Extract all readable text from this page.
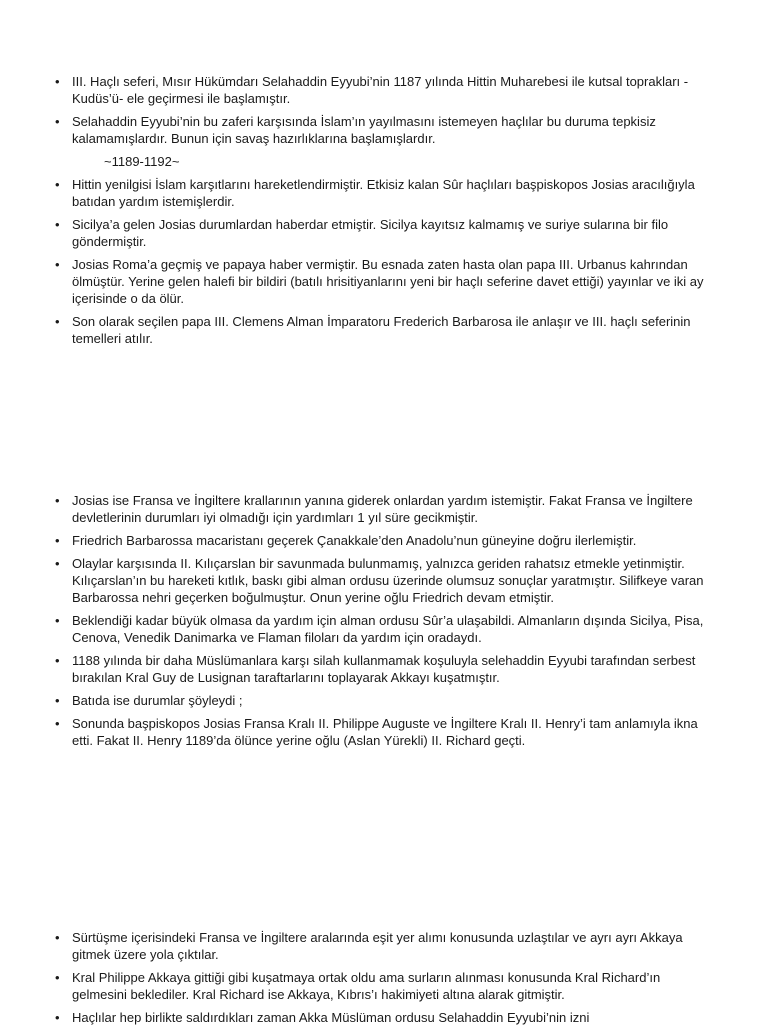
• III. Haçlı seferi, Mısır Hükümdarı Selahaddin Eyyubi’nin 1187 yılında Hittin Muharebesi ile kutsal toprakları -Kudüs’ü- ele geçirmesi ile başlamıştır.
• Selahaddin Eyyubi’nin bu zaferi karşısında İslam’ın yayılmasını istemeyen haçlılar bu duruma tepkisiz kalamamışlardır. Bunun için savaş hazırlıklarına başlamışlardır.
~1189-1192~
• Hittin yenilgisi İslam karşıtlarını hareketlendirmiştir. Etkisiz kalan Sûr haçlıları başpiskopos Josias aracılığıyla batıdan yardım istemişlerdir.
• Sicilya’a gelen Josias durumlardan haberdar etmiştir. Sicilya kayıtsız kalmamış ve suriye sularına bir filo göndermiştir.
• Josias Roma’a geçmiş ve papaya haber vermiştir. Bu esnada zaten hasta olan papa III. Urbanus kahrından ölmüştür. Yerine gelen halefi bir bildiri (batılı hrisitiyanlarını yeni bir haçlı seferine davet ettiği) yayınlar ve iki ay içerisinde o da ölür.
• Son olarak seçilen papa III. Clemens Alman İmparatoru Frederich Barbarosa ile anlaşır ve III. haçlı seferinin temelleri atılır.
• Josias ise Fransa ve İngiltere krallarının yanına giderek onlardan yardım istemiştir. Fakat Fransa ve İngiltere devletlerinin durumları iyi olmadığı için yardımları 1 yıl süre gecikmiştir.
• Friedrich Barbarossa macaristanı geçerek Çanakkale’den Anadolu’nun güneyine doğru ilerlemiştir.
• Olaylar karşısında II. Kılıçarslan bir savunmada bulunmamış, yalnızca geriden rahatsız etmekle yetinmiştir. Kılıçarslan’ın bu hareketi kıtlık, baskı gibi alman ordusu üzerinde olumsuz sonuçlar yaratmıştır. Silifkeye varan Barbarossa nehri geçerken boğulmuştur. Onun yerine oğlu Friedrich devam etmiştir.
• Beklendiği kadar büyük olmasa da yardım için alman ordusu Sûr’a ulaşabildi. Almanların dışında Sicilya, Pisa, Cenova, Venedik Danimarka ve Flaman filoları da yardım için oradaydı.
• 1188 yılında bir daha Müslümanlara karşı silah kullanmamak koşuluyla selehaddin Eyyubi tarafından serbest bırakılan Kral Guy de Lusignan taraftarlarını toplayarak Akkayı kuşatmıştır.
• Batıda ise durumlar şöyleydi ;
• Sonunda başpiskopos Josias Fransa Kralı II. Philippe Auguste ve İngiltere Kralı II. Henry’i tam anlamıyla ikna etti. Fakat II. Henry 1189’da ölünce yerine oğlu (Aslan Yürekli) II. Richard geçti.
• Sürtüşme içerisindeki Fransa ve İngiltere aralarında eşit yer alımı konusunda uzlaştılar ve ayrı ayrı Akkaya gitmek üzere yola çıktılar.
• Kral Philippe Akkaya gittiği gibi kuşatmaya ortak oldu ama surların alınması konusunda Kral Richard’ın gelmesini beklediler. Kral Richard ise Akkaya, Kıbrıs’ı hakimiyeti altına alarak gitmiştir.
• Haçlılar hep birlikte saldırdıkları zaman Akka Müslüman ordusu Selahaddin Eyyubi’nin izni
